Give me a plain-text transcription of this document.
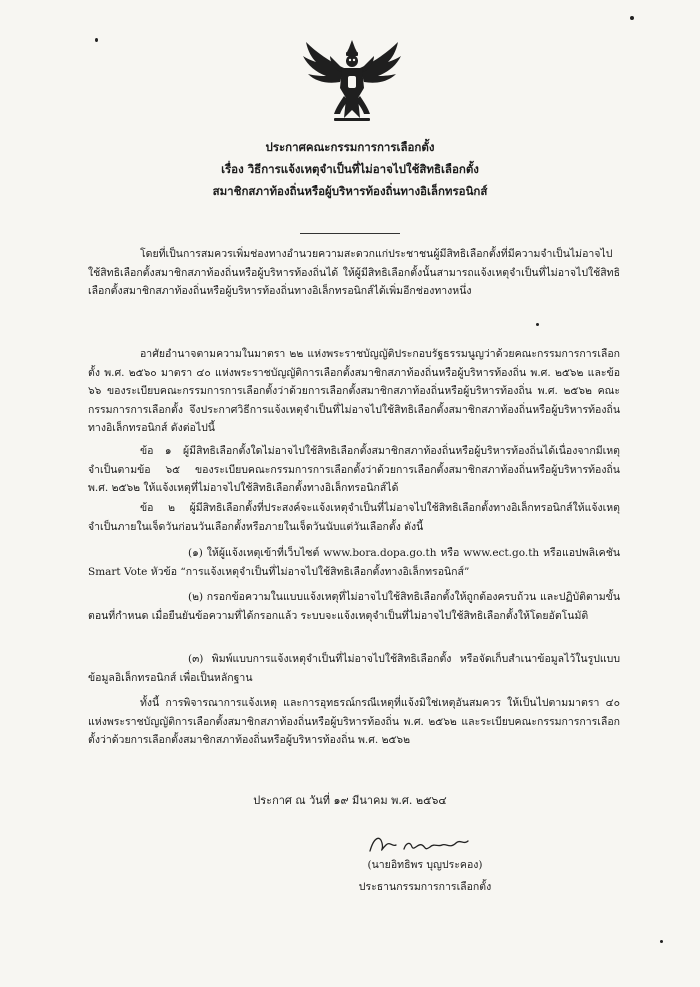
ประกาศคณะกรรมการการเลือกตั้ง
เรื่อง วิธีการแจ้งเหตุจำเป็นที่ไม่อาจไปใช้สิทธิเลือกตั้ง
สมาชิกสภาท้องถิ่นหรือผู้บริหารท้องถิ่นทางอิเล็กทรอนิกส์
โดยที่เป็นการสมควรเพิ่มช่องทางอำนวยความสะดวกแก่ประชาชนผู้มีสิทธิเลือกตั้งที่มีความจำเป็นไม่อาจไปใช้สิทธิเลือกตั้งสมาชิกสภาท้องถิ่นหรือผู้บริหารท้องถิ่นได้ ให้ผู้มีสิทธิเลือกตั้งนั้นสามารถแจ้งเหตุจำเป็นที่ไม่อาจไปใช้สิทธิเลือกตั้งสมาชิกสภาท้องถิ่นหรือผู้บริหารท้องถิ่นทางอิเล็กทรอนิกส์ได้เพิ่มอีกช่องทางหนึ่ง
อาศัยอำนาจตามความในมาตรา ๒๒ แห่งพระราชบัญญัติประกอบรัฐธรรมนูญว่าด้วยคณะกรรมการการเลือกตั้ง พ.ศ. ๒๕๖๐ มาตรา ๔๐ แห่งพระราชบัญญัติการเลือกตั้งสมาชิกสภาท้องถิ่นหรือผู้บริหารท้องถิ่น พ.ศ. ๒๕๖๒ และข้อ ๖๖ ของระเบียบคณะกรรมการการเลือกตั้งว่าด้วยการเลือกตั้งสมาชิกสภาท้องถิ่นหรือผู้บริหารท้องถิ่น พ.ศ. ๒๕๖๒ คณะกรรมการการเลือกตั้ง จึงประกาศวิธีการแจ้งเหตุจำเป็นที่ไม่อาจไปใช้สิทธิเลือกตั้งสมาชิกสภาท้องถิ่นหรือผู้บริหารท้องถิ่นทางอิเล็กทรอนิกส์ ดังต่อไปนี้
ข้อ ๑ ผู้มีสิทธิเลือกตั้งใดไม่อาจไปใช้สิทธิเลือกตั้งสมาชิกสภาท้องถิ่นหรือผู้บริหารท้องถิ่นได้เนื่องจากมีเหตุจำเป็นตามข้อ ๖๕ ของระเบียบคณะกรรมการการเลือกตั้งว่าด้วยการเลือกตั้งสมาชิกสภาท้องถิ่นหรือผู้บริหารท้องถิ่น พ.ศ. ๒๕๖๒ ให้แจ้งเหตุที่ไม่อาจไปใช้สิทธิเลือกตั้งทางอิเล็กทรอนิกส์ได้
ข้อ ๒ ผู้มีสิทธิเลือกตั้งที่ประสงค์จะแจ้งเหตุจำเป็นที่ไม่อาจไปใช้สิทธิเลือกตั้งทางอิเล็กทรอนิกส์ให้แจ้งเหตุจำเป็นภายในเจ็ดวันก่อนวันเลือกตั้งหรือภายในเจ็ดวันนับแต่วันเลือกตั้ง ดังนี้
(๑) ให้ผู้แจ้งเหตุเข้าที่เว็บไซต์ www.bora.dopa.go.th หรือ www.ect.go.th หรือแอปพลิเคชัน Smart Vote หัวข้อ “การแจ้งเหตุจำเป็นที่ไม่อาจไปใช้สิทธิเลือกตั้งทางอิเล็กทรอนิกส์”
(๒) กรอกข้อความในแบบแจ้งเหตุที่ไม่อาจไปใช้สิทธิเลือกตั้งให้ถูกต้องครบถ้วน และปฏิบัติตามขั้นตอนที่กำหนด เมื่อยืนยันข้อความที่ได้กรอกแล้ว ระบบจะแจ้งเหตุจำเป็นที่ไม่อาจไปใช้สิทธิเลือกตั้งให้โดยอัตโนมัติ
(๓) พิมพ์แบบการแจ้งเหตุจำเป็นที่ไม่อาจไปใช้สิทธิเลือกตั้ง หรือจัดเก็บสำเนาข้อมูลไว้ในรูปแบบข้อมูลอิเล็กทรอนิกส์ เพื่อเป็นหลักฐาน
ทั้งนี้ การพิจารณาการแจ้งเหตุ และการอุทธรณ์กรณีเหตุที่แจ้งมิใช่เหตุอันสมควร ให้เป็นไปตามมาตรา ๔๐ แห่งพระราชบัญญัติการเลือกตั้งสมาชิกสภาท้องถิ่นหรือผู้บริหารท้องถิ่น พ.ศ. ๒๕๖๒ และระเบียบคณะกรรมการการเลือกตั้งว่าด้วยการเลือกตั้งสมาชิกสภาท้องถิ่นหรือผู้บริหารท้องถิ่น พ.ศ. ๒๕๖๒
ประกาศ ณ วันที่ ๑๙ มีนาคม พ.ศ. ๒๕๖๔
(นายอิทธิพร บุญประคอง)
ประธานกรรมการการเลือกตั้ง
